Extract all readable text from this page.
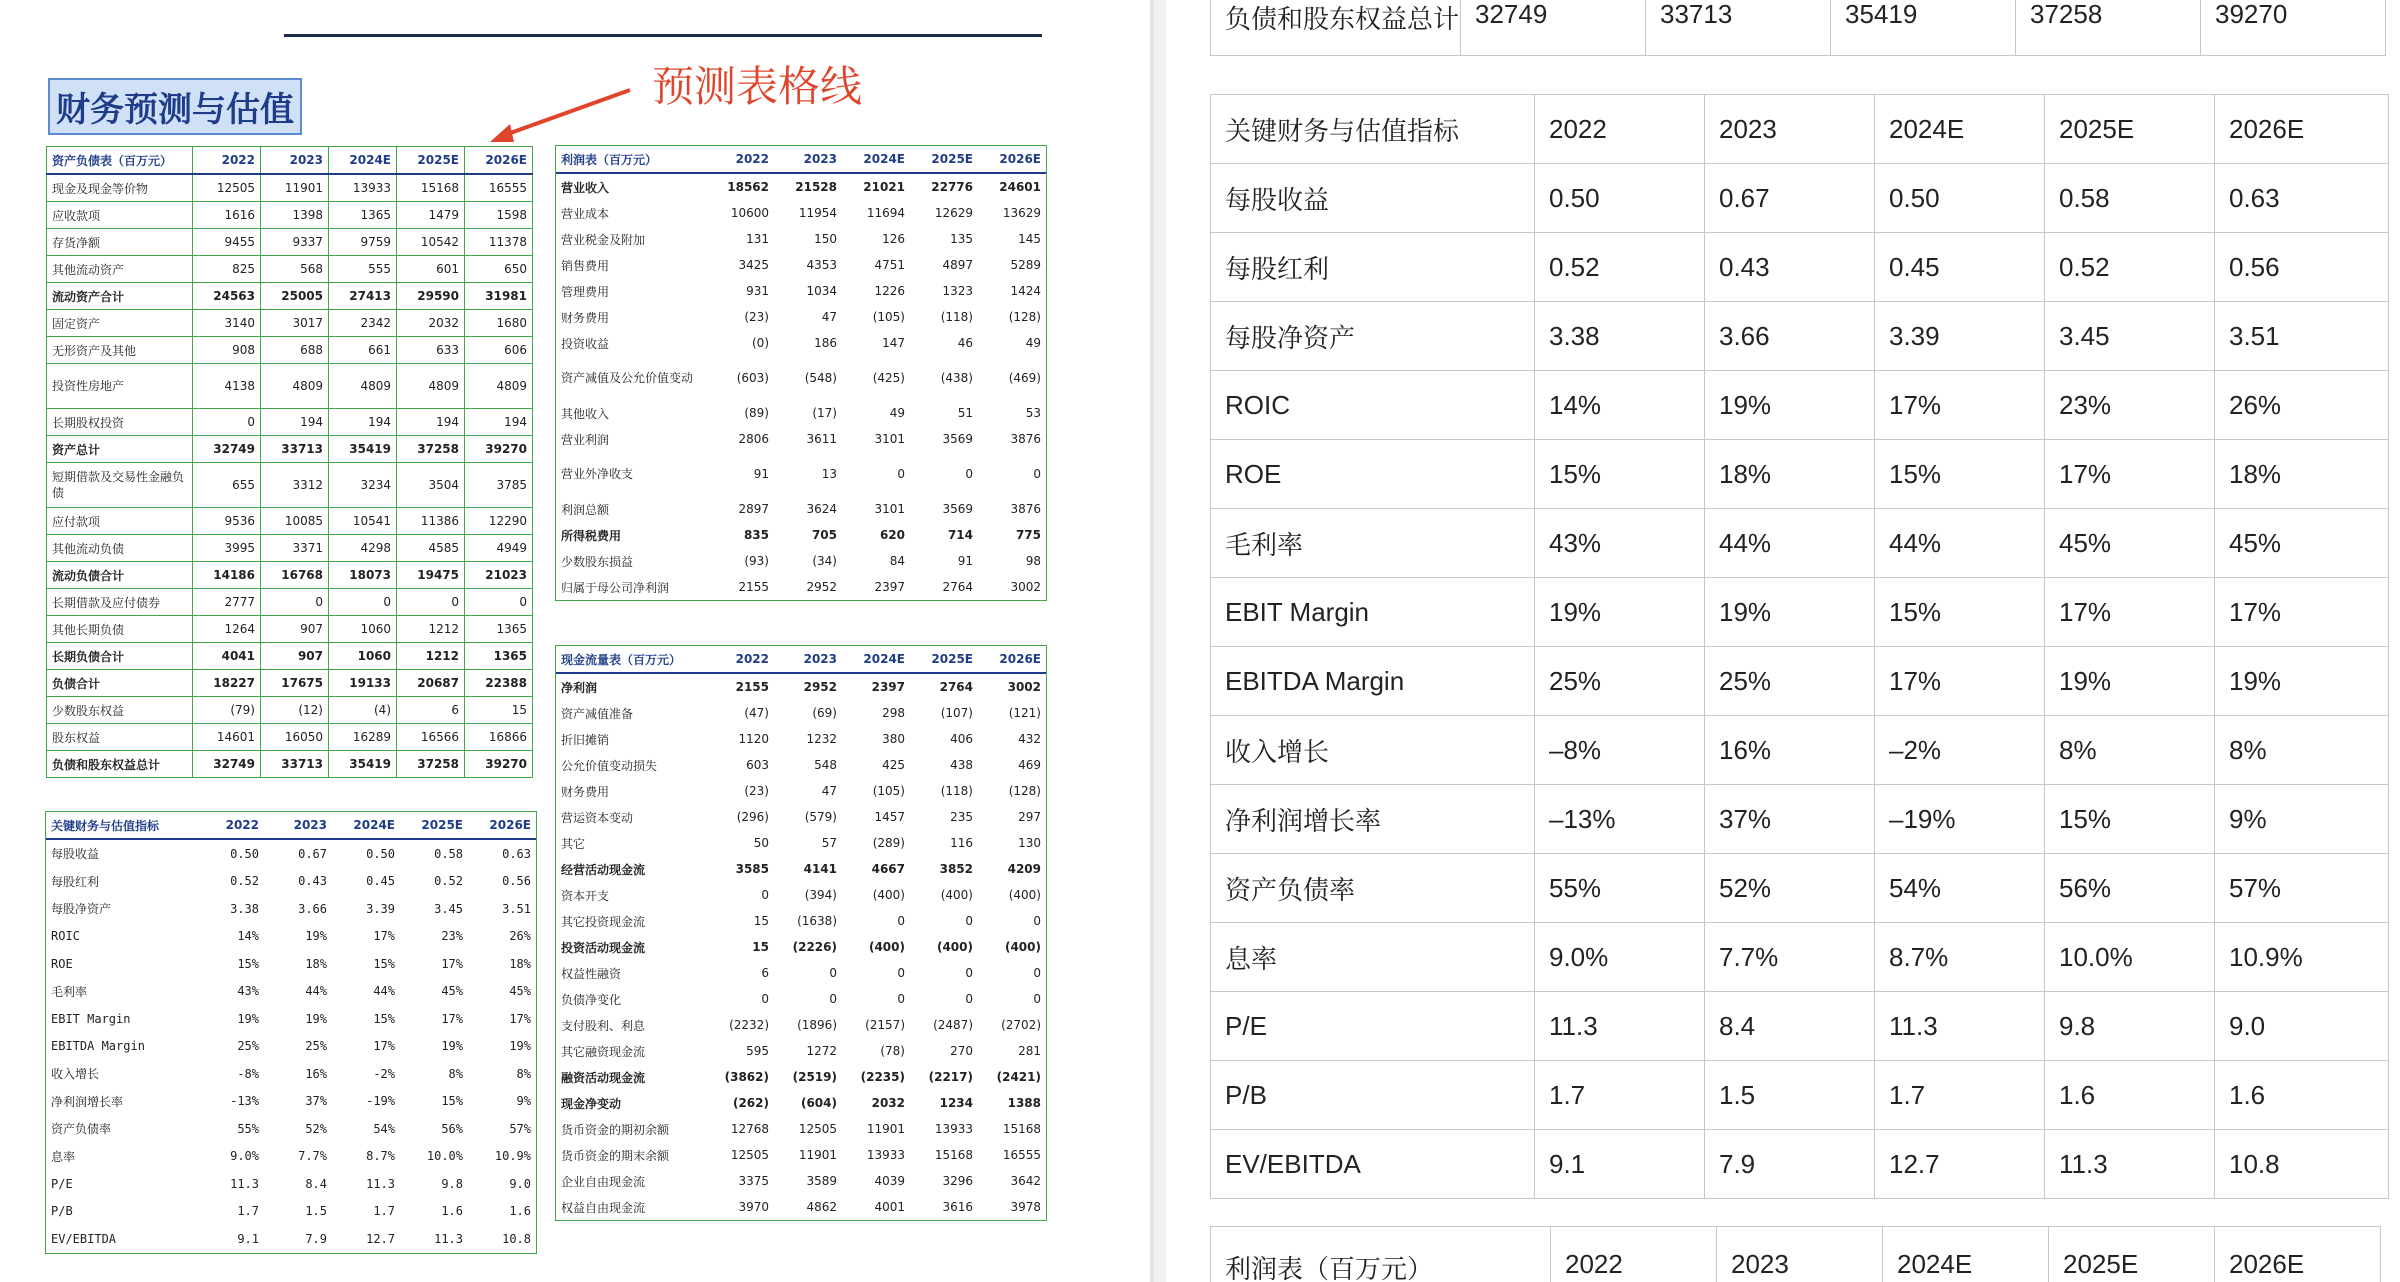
财务预测与估值	预测表格线
资产负债表（百万元）	2022	2023	2024E	2025E	2026E
现金及现金等价物	12505	11901	13933	15168	16555
应收款项	1616	1398	1365	1479	1598
存货净额	9455	9337	9759	10542	11378
其他流动资产	825	568	555	601	650
流动资产合计	24563	25005	27413	29590	31981
固定资产	3140	3017	2342	2032	1680
无形资产及其他	908	688	661	633	606
投资性房地产	4138	4809	4809	4809	4809
长期股权投资	0	194	194	194	194
资产总计	32749	33713	35419	37258	39270
短期借款及交易性金融负债	655	3312	3234	3504	3785
应付款项	9536	10085	10541	11386	12290
其他流动负债	3995	3371	4298	4585	4949
流动负债合计	14186	16768	18073	19475	21023
长期借款及应付债券	2777	0	0	0	0
其他长期负债	1264	907	1060	1212	1365
长期负债合计	4041	907	1060	1212	1365
负债合计	18227	17675	19133	20687	22388
少数股东权益	(79)	(12)	(4)	6	15
股东权益	14601	16050	16289	16566	16866
负债和股东权益总计	32749	33713	35419	37258	39270
关键财务与估值指标	2022	2023	2024E	2025E	2026E
每股收益	0.50	0.67	0.50	0.58	0.63
每股红利	0.52	0.43	0.45	0.52	0.56
每股净资产	3.38	3.66	3.39	3.45	3.51
ROIC	14%	19%	17%	23%	26%
ROE	15%	18%	15%	17%	18%
毛利率	43%	44%	44%	45%	45%
EBIT Margin	19%	19%	15%	17%	17%
EBITDA Margin	25%	25%	17%	19%	19%
收入增长	-8%	16%	-2%	8%	8%
净利润增长率	-13%	37%	-19%	15%	9%
资产负债率	55%	52%	54%	56%	57%
息率	9.0%	7.7%	8.7%	10.0%	10.9%
P/E	11.3	8.4	11.3	9.8	9.0
P/B	1.7	1.5	1.7	1.6	1.6
EV/EBITDA	9.1	7.9	12.7	11.3	10.8
利润表（百万元）	2022	2023	2024E	2025E	2026E
营业收入	18562	21528	21021	22776	24601
营业成本	10600	11954	11694	12629	13629
营业税金及附加	131	150	126	135	145
销售费用	3425	4353	4751	4897	5289
管理费用	931	1034	1226	1323	1424
财务费用	(23)	47	(105)	(118)	(128)
投资收益	(0)	186	147	46	49
资产减值及公允价值变动	(603)	(548)	(425)	(438)	(469)
其他收入	(89)	(17)	49	51	53
营业利润	2806	3611	3101	3569	3876
营业外净收支	91	13	0	0	0
利润总额	2897	3624	3101	3569	3876
所得税费用	835	705	620	714	775
少数股东损益	(93)	(34)	84	91	98
归属于母公司净利润	2155	2952	2397	2764	3002
现金流量表（百万元）	2022	2023	2024E	2025E	2026E
净利润	2155	2952	2397	2764	3002
资产减值准备	(47)	(69)	298	(107)	(121)
折旧摊销	1120	1232	380	406	432
公允价值变动损失	603	548	425	438	469
财务费用	(23)	47	(105)	(118)	(128)
营运资本变动	(296)	(579)	1457	235	297
其它	50	57	(289)	116	130
经营活动现金流	3585	4141	4667	3852	4209
资本开支	0	(394)	(400)	(400)	(400)
其它投资现金流	15	(1638)	0	0	0
投资活动现金流	15	(2226)	(400)	(400)	(400)
权益性融资	6	0	0	0	0
负债净变化	0	0	0	0	0
支付股利、利息	(2232)	(1896)	(2157)	(2487)	(2702)
其它融资现金流	595	1272	(78)	270	281
融资活动现金流	(3862)	(2519)	(2235)	(2217)	(2421)
现金净变动	(262)	(604)	2032	1234	1388
货币资金的期初余额	12768	12505	11901	13933	15168
货币资金的期末余额	12505	11901	13933	15168	16555
企业自由现金流	3375	3589	4039	3296	3642
权益自由现金流	3970	4862	4001	3616	3978
负债和股东权益总计	32749	33713	35419	37258	39270
关键财务与估值指标	2022	2023	2024E	2025E	2026E
每股收益	0.50	0.67	0.50	0.58	0.63
每股红利	0.52	0.43	0.45	0.52	0.56
每股净资产	3.38	3.66	3.39	3.45	3.51
ROIC	14%	19%	17%	23%	26%
ROE	15%	18%	15%	17%	18%
毛利率	43%	44%	44%	45%	45%
EBIT Margin	19%	19%	15%	17%	17%
EBITDA Margin	25%	25%	17%	19%	19%
收入增长	–8%	16%	–2%	8%	8%
净利润增长率	–13%	37%	–19%	15%	9%
资产负债率	55%	52%	54%	56%	57%
息率	9.0%	7.7%	8.7%	10.0%	10.9%
P/E	11.3	8.4	11.3	9.8	9.0
P/B	1.7	1.5	1.7	1.6	1.6
EV/EBITDA	9.1	7.9	12.7	11.3	10.8
利润表（百万元）	2022	2023	2024E	2025E	2026E
